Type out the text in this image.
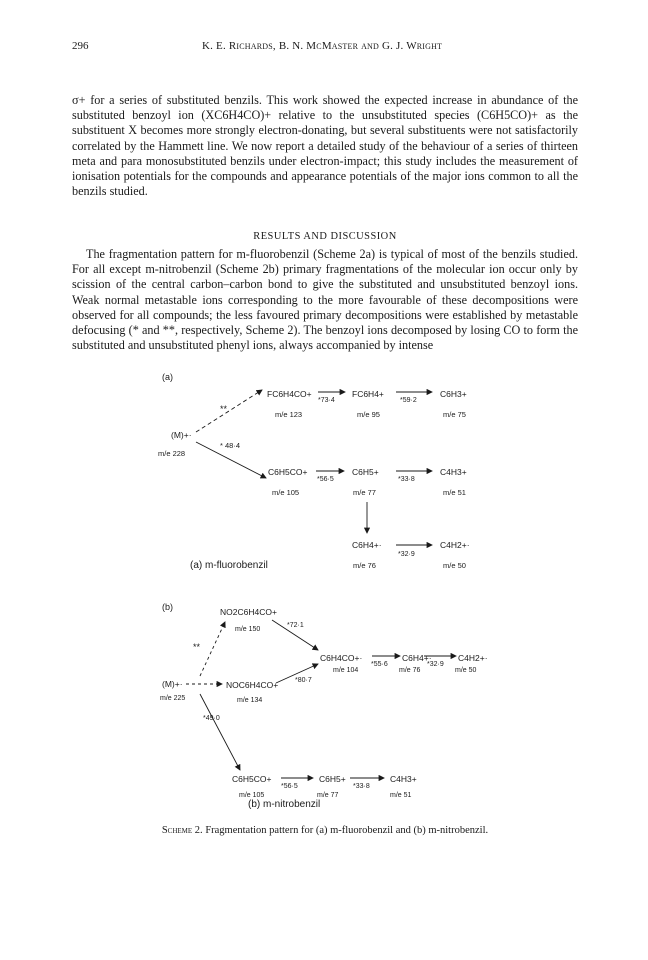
296	K. E. Richards, B. N. McMaster and G. J. Wright

σ+ for a series of substituted benzils. This work showed the expected increase in abundance of the substituted benzoyl ion (XC6H4CO)+ relative to the unsubstituted species (C6H5CO)+ as the substituent X becomes more strongly electron-donating, but several substituents were not satisfactorily correlated by the Hammett line. We now report a detailed study of the behaviour of a series of thirteen meta and para monosubstituted benzils under electron-impact; this study includes the measurement of ionisation potentials for the compounds and appearance potentials of the major ions common to all the benzils studied.

RESULTS AND DISCUSSION

The fragmentation pattern for m-fluorobenzil (Scheme 2a) is typical of most of the benzils studied. For all except m-nitrobenzil (Scheme 2b) primary fragmentations of the molecular ion occur only by scission of the central carbon–carbon bond to give the substituted and unsubstituted benzoyl ions. Weak normal metastable ions corresponding to the more favourable of these decompositions were observed for all compounds; the less favoured primary decompositions were established by metastable defocusing (* and **, respectively, Scheme 2). The benzoyl ions decomposed by losing CO to form the substituted and unsubstituted phenyl ions, always accompanied by intense

(a)
(M)+·
m/e 228
**
* 48·4
FC6H4CO+
m/e 123
*73·4
FC6H4+
m/e 95
*59·2
C6H3+
m/e 75
C6H5CO+
m/e 105
*56·5
C6H5+
m/e 77
*33·8
C4H3+
m/e 51
C6H4+·
m/e 76
*32·9
C4H2+·
m/e 50
(a) m-fluorobenzil
(b)	NO2C6H4CO+
m/e 150
**
*72·1
(M)+·
m/e 225
NOC6H4CO+
m/e 134
*80·7
C6H4CO+·
m/e 104
*55·6
C6H4+·
m/e 76
*32·9
C4H2+·
m/e 50
*49·0
C6H5CO+
m/e 105
*56·5
C6H5+
m/e 77
*33·8
C4H3+
m/e 51
(b) m-nitrobenzil
Scheme 2. Fragmentation pattern for (a) m-fluorobenzil and (b) m-nitrobenzil.
